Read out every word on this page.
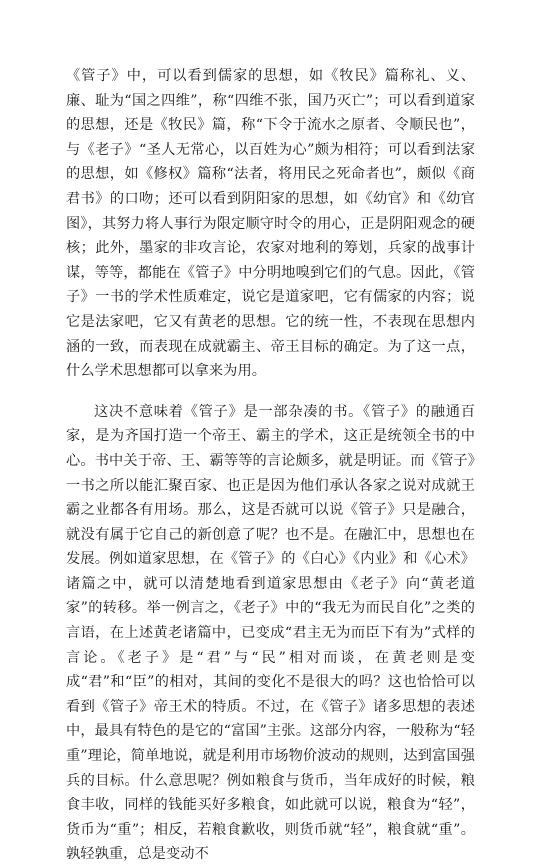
《管子》中，可以看到儒家的思想，如《牧民》篇称礼、义、廉、耻为“国之四维”，称“四维不张，国乃灭亡”；可以看到道家的思想，还是《牧民》篇，称“下令于流水之原者、令顺民也”，与《老子》“圣人无常心，以百姓为心”颇为相符；可以看到法家的思想，如《修权》篇称“法者，将用民之死命者也”，颇似《商君书》的口吻；还可以看到阴阳家的思想，如《幼官》和《幼官图》，其努力将人事行为限定顺守时令的用心，正是阴阳观念的硬核；此外，墨家的非攻言论，农家对地利的筹划，兵家的战事计谋，等等，都能在《管子》中分明地嗅到它们的气息。因此，《管子》一书的学术性质难定，说它是道家吧，它有儒家的内容；说它是法家吧，它又有黄老的思想。它的统一性，不表现在思想内涵的一致，而表现在成就霸主、帝王目标的确定。为了这一点，什么学术思想都可以拿来为用。

这决不意味着《管子》是一部杂凑的书。《管子》的融通百家，是为齐国打造一个帝王、霸主的学术，这正是统领全书的中心。书中关于帝、王、霸等等的言论颇多，就是明证。而《管子》一书之所以能汇聚百家、也正是因为他们承认各家之说对成就王霸之业都各有用场。那么，这是否就可以说《管子》只是融合，就没有属于它自己的新创意了呢？也不是。在融汇中，思想也在发展。例如道家思想，在《管子》的《白心》《内业》和《心术》诸篇之中，就可以清楚地看到道家思想由《老子》向“黄老道家”的转移。举一例言之，《老子》中的“我无为而民自化”之类的言语，在上述黄老诸篇中，已变成“君主无为而臣下有为”式样的言论。《老子》是“君”与“民”相对而谈，在黄老则是变成“君”和“臣”的相对，其间的变化不是很大的吗？这也恰恰可以看到《管子》帝王术的特质。不过，在《管子》诸多思想的表述中，最具有特色的是它的“富国”主张。这部分内容，一般称为“轻重”理论，简单地说，就是利用市场物价波动的规则，达到富国强兵的目标。什么意思呢？例如粮食与货币，当年成好的时候，粮食丰收，同样的钱能买好多粮食，如此就可以说，粮食为“轻”，货币为“重”；相反，若粮食歉收，则货币就“轻”，粮食就“重”。孰轻孰重，总是变动不
